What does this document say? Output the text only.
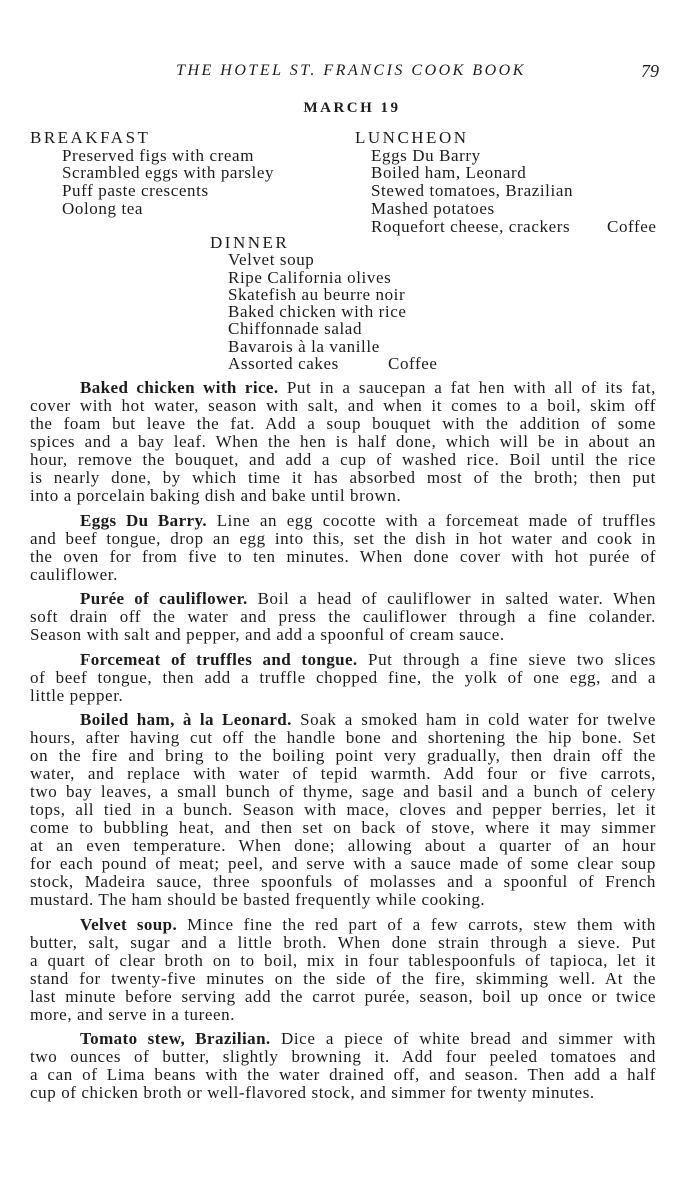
THE HOTEL ST. FRANCIS COOK BOOK	79
MARCH 19
BREAKFAST
Preserved figs with cream
Scrambled eggs with parsley
Puff paste crescents
Oolong tea
LUNCHEON
Eggs Du Barry
Boiled ham, Leonard
Stewed tomatoes, Brazilian
Mashed potatoes
Roquefort cheese, crackers Coffee
DINNER
Velvet soup
Ripe California olives
Skatefish au beurre noir
Baked chicken with rice
Chiffonnade salad
Bavarois à la vanille
Assorted cakes	Coffee
Baked chicken with rice. Put in a saucepan a fat hen with all of its fat,
cover with hot water, season with salt, and when it comes to a boil, skim off
the foam but leave the fat. Add a soup bouquet with the addition of some
spices and a bay leaf. When the hen is half done, which will be in about an
hour, remove the bouquet, and add a cup of washed rice. Boil until the rice
is nearly done, by which time it has absorbed most of the broth; then put
into a porcelain baking dish and bake until brown.
Eggs Du Barry. Line an egg cocotte with a forcemeat made of truffles
and beef tongue, drop an egg into this, set the dish in hot water and cook in
the oven for from five to ten minutes. When done cover with hot purée of
cauliflower.
Purée of cauliflower. Boil a head of cauliflower in salted water. When
soft drain off the water and press the cauliflower through a fine colander.
Season with salt and pepper, and add a spoonful of cream sauce.
Forcemeat of truffles and tongue. Put through a fine sieve two slices
of beef tongue, then add a truffle chopped fine, the yolk of one egg, and a
little pepper.
Boiled ham, à la Leonard. Soak a smoked ham in cold water for twelve
hours, after having cut off the handle bone and shortening the hip bone. Set
on the fire and bring to the boiling point very gradually, then drain off the
water, and replace with water of tepid warmth. Add four or five carrots,
two bay leaves, a small bunch of thyme, sage and basil and a bunch of celery
tops, all tied in a bunch. Season with mace, cloves and pepper berries, let it
come to bubbling heat, and then set on back of stove, where it may simmer
at an even temperature. When done; allowing about a quarter of an hour
for each pound of meat; peel, and serve with a sauce made of some clear soup
stock, Madeira sauce, three spoonfuls of molasses and a spoonful of French
mustard. The ham should be basted frequently while cooking.
Velvet soup. Mince fine the red part of a few carrots, stew them with
butter, salt, sugar and a little broth. When done strain through a sieve. Put
a quart of clear broth on to boil, mix in four tablespoonfuls of tapioca, let it
stand for twenty-five minutes on the side of the fire, skimming well. At the
last minute before serving add the carrot purée, season, boil up once or twice
more, and serve in a tureen.
Tomato stew, Brazilian. Dice a piece of white bread and simmer with
two ounces of butter, slightly browning it. Add four peeled tomatoes and
a can of Lima beans with the water drained off, and season. Then add a half
cup of chicken broth or well-flavored stock, and simmer for twenty minutes.
